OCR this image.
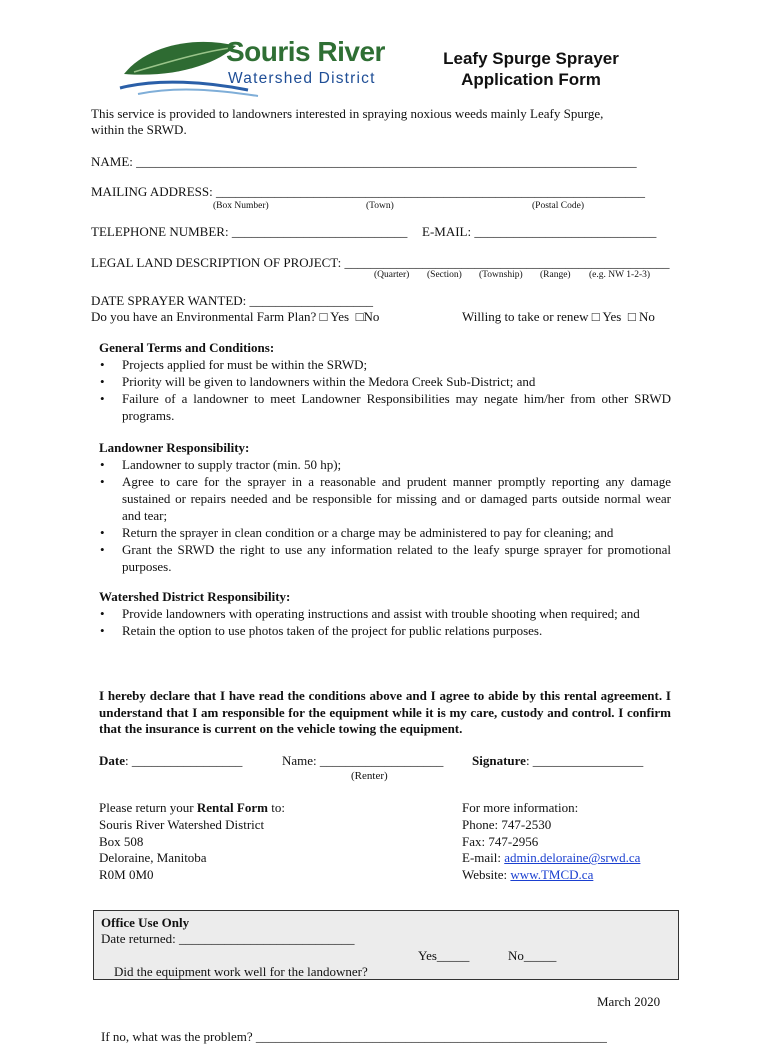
Souris River
Watershed District
Leafy Spurge Sprayer
Application Form
This service is provided to landowners interested in spraying noxious weeds mainly Leafy Spurge,
within the SRWD.
NAME: _____________________________________________________________________________
MAILING ADDRESS: __________________________________________________________________
(Box Number)	(Town)	(Postal Code)
TELEPHONE NUMBER: ___________________________ E-MAIL: ____________________________
LEGAL LAND DESCRIPTION OF PROJECT: __________________________________________________
(Quarter) (Section) (Township) (Range) (e.g. NW 1-2-3)
DATE SPRAYER WANTED: ___________________
Do you have an Environmental Farm Plan? □ Yes □No	Willing to take or renew □ Yes □ No
General Terms and Conditions:
• Projects applied for must be within the SRWD;
• Priority will be given to landowners within the Medora Creek Sub-District; and
• Failure of a landowner to meet Landowner Responsibilities may negate him/her from other SRWD programs.
Landowner Responsibility:
• Landowner to supply tractor (min. 50 hp);
• Agree to care for the sprayer in a reasonable and prudent manner promptly reporting any damage sustained or repairs needed and be responsible for missing and or damaged parts outside normal wear and tear;
• Return the sprayer in clean condition or a charge may be administered to pay for cleaning; and
• Grant the SRWD the right to use any information related to the leafy spurge sprayer for promotional purposes.
Watershed District Responsibility:
• Provide landowners with operating instructions and assist with trouble shooting when required; and
• Retain the option to use photos taken of the project for public relations purposes.
I hereby declare that I have read the conditions above and I agree to abide by this rental agreement. I understand that I am responsible for the equipment while it is my care, custody and control. I confirm that the insurance is current on the vehicle towing the equipment.
Date: _________________	Name: ___________________ Signature: _________________
(Renter)
Please return your Rental Form to:
Souris River Watershed District
Box 508
Deloraine, Manitoba
R0M 0M0
For more information:
Phone: 747-2530
Fax: 747-2956
E-mail: admin.deloraine@srwd.ca
Website: www.TMCD.ca
Office Use Only
Date returned: ___________________________

Did the equipment work well for the landowner?

Yes_____

	No_____

If no, what was the problem? ______________________________________________________
March 2020
